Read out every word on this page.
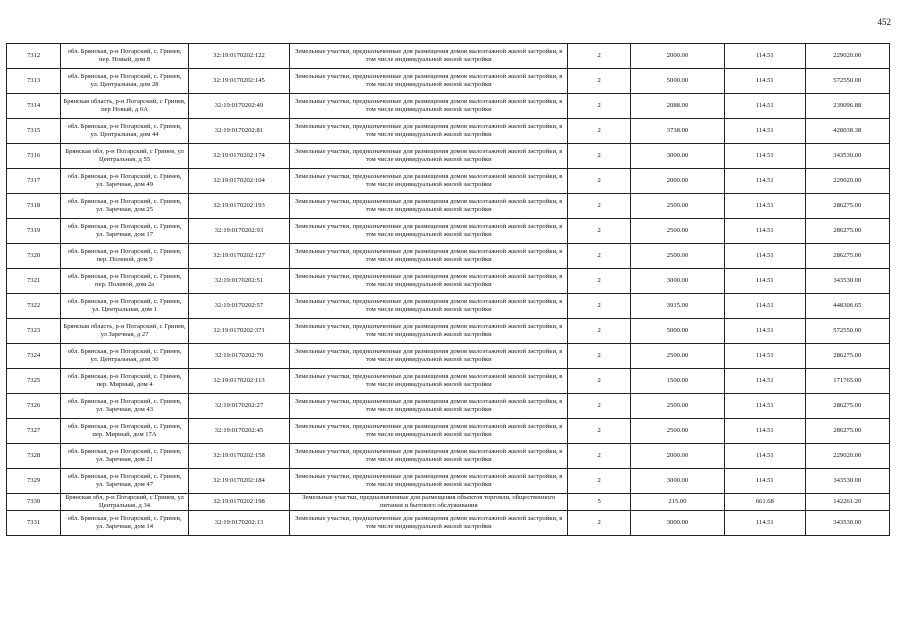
452
7312	обл. Брянская, р-н Погарский, с. Гринев, пер. Новый, дом 8	32:19:0170202:122	Земельные участки, предназначенные для размещения домов малоэтажной жилой застройки, в том числе индивидуальной жилой застройки	2	2000.00	114.51	229020.00
7313	обл. Брянская, р-н Погарский, с. Гринев, ул. Центральная, дом 28	32:19:0170202:145	Земельные участки, предназначенные для размещения домов малоэтажной жилой застройки, в том числе индивидуальной жилой застройки	2	5000.00	114.51	572550.00
7314	Брянская область, р-н Погарский, с Гринев, пер Новый, д 6А	32:19:0170202:49	Земельные участки, предназначенные для размещения домов малоэтажной жилой застройки, в том числе индивидуальной жилой застройки	2	2088.00	114.51	239096.88
7315	обл. Брянская, р-н Погарский, с. Гринев, ул. Центральная, дом 44	32:19:0170202:81	Земельные участки, предназначенные для размещения домов малоэтажной жилой застройки, в том числе индивидуальной жилой застройки	2	3738.00	114.51	428038.38
7316	Брянская обл, р-н Погарский, с Гринев, ул Центральная, д 55	32:19:0170202:174	Земельные участки, предназначенные для размещения домов малоэтажной жилой застройки, в том числе индивидуальной жилой застройки	2	3000.00	114.51	343530.00
7317	обл. Брянская, р-н Погарский, с. Гринев, ул. Заречная, дом 49	32:19:0170202:104	Земельные участки, предназначенные для размещения домов малоэтажной жилой застройки, в том числе индивидуальной жилой застройки	2	2000.00	114.51	229020.00
7318	обл. Брянская, р-н Погарский, с. Гринев, ул. Заречная, дом 25	32:19:0170202:193	Земельные участки, предназначенные для размещения домов малоэтажной жилой застройки, в том числе индивидуальной жилой застройки	2	2500.00	114.51	286275.00
7319	обл. Брянская, р-н Погарский, с. Гринев, ул. Заречная, дом 17	32:19:0170202:93	Земельные участки, предназначенные для размещения домов малоэтажной жилой застройки, в том числе индивидуальной жилой застройки	2	2500.00	114.51	286275.00
7320	обл. Брянская, р-н Погарский, с. Гринев, пер. Полевой, дом 9	32:19:0170202:127	Земельные участки, предназначенные для размещения домов малоэтажной жилой застройки, в том числе индивидуальной жилой застройки	2	2500.00	114.51	286275.00
7321	обл. Брянская, р-н Погарский, с. Гринев, пер. Полевой, дом 2а	32:19:0170202:51	Земельные участки, предназначенные для размещения домов малоэтажной жилой застройки, в том числе индивидуальной жилой застройки	2	3000.00	114.51	343530.00
7322	обл. Брянская, р-н Погарский, с. Гринев, ул. Центральная, дом 1	32:19:0170202:57	Земельные участки, предназначенные для размещения домов малоэтажной жилой застройки, в том числе индивидуальной жилой застройки	2	3915.00	114.51	448306.65
7323	Брянская область, р-н Погарский, с Гринев, ул Заречная, д 27	32:19:0170202:371	Земельные участки, предназначенные для размещения домов малоэтажной жилой застройки, в том числе индивидуальной жилой застройки	2	5000.00	114.51	572550.00
7324	обл. Брянская, р-н Погарский, с. Гринев, ул. Центральная, дом 30	32:19:0170202:70	Земельные участки, предназначенные для размещения домов малоэтажной жилой застройки, в том числе индивидуальной жилой застройки	2	2500.00	114.51	286275.00
7325	обл. Брянская, р-н Погарский, с. Гринев, пер. Мирный, дом 4	32:19:0170202:113	Земельные участки, предназначенные для размещения домов малоэтажной жилой застройки, в том числе индивидуальной жилой застройки	2	1500.00	114.51	171765.00
7326	обл. Брянская, р-н Погарский, с. Гринев, ул. Заречная, дом 43	32:19:0170202:27	Земельные участки, предназначенные для размещения домов малоэтажной жилой застройки, в том числе индивидуальной жилой застройки	2	2500.00	114.51	286275.00
7327	обл. Брянская, р-н Погарский, с. Гринев, пер. Мирный, дом 17А	32:19:0170202:45	Земельные участки, предназначенные для размещения домов малоэтажной жилой застройки, в том числе индивидуальной жилой застройки	2	2500.00	114.51	286275.00
7328	обл. Брянская, р-н Погарский, с. Гринев, ул. Заречная, дом 21	32:19:0170202:158	Земельные участки, предназначенные для размещения домов малоэтажной жилой застройки, в том числе индивидуальной жилой застройки	2	2000.00	114.51	229020.00
7329	обл. Брянская, р-н Погарский, с. Гринев, ул. Заречная, дом 47	32:19:0170202:184	Земельные участки, предназначенные для размещения домов малоэтажной жилой застройки, в том числе индивидуальной жилой застройки	2	3000.00	114.51	343530.00
7330	Брянская обл, р-н Погарский, с Гринев, ул Центральная, д 34	32:19:0170202:198	Земельные участки, предназначенные для размещения объектов торговли, общественного питания и бытового обслуживания	5	215.00	661.68	142261.20
7331	обл. Брянская, р-н Погарский, с. Гринев, ул. Заречная, дом 14	32:19:0170202:13	Земельные участки, предназначенные для размещения домов малоэтажной жилой застройки, в том числе индивидуальной жилой застройки	2	3000.00	114.51	343530.00
